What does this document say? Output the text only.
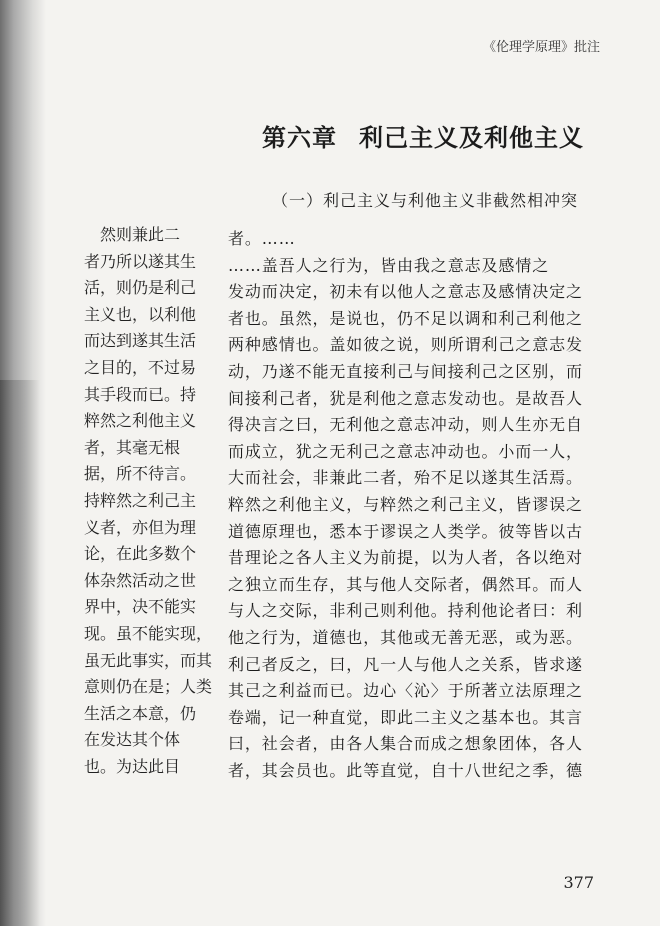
《伦理学原理》批注
第六章 利己主义及利他主义
（一）利己主义与利他主义非截然相冲突
者。……
……盖吾人之行为，皆由我之意志及感情之
发动而决定，初未有以他人之意志及感情决定之
者也。虽然，是说也，仍不足以调和利己利他之
两种感情也。盖如彼之说，则所谓利己之意志发
动，乃遂不能无直接利己与间接利己之区别，而
间接利己者，犹是利他之意志发动也。是故吾人
得决言之曰，无利他之意志冲动，则人生亦无自
而成立，犹之无利己之意志冲动也。小而一人，
大而社会，非兼此二者，殆不足以遂其生活焉。
粹然之利他主义，与粹然之利己主义，皆谬误之
道德原理也，悉本于谬误之人类学。彼等皆以古
昔理论之各人主义为前提，以为人者，各以绝对
之独立而生存，其与他人交际者，偶然耳。而人
与人之交际，非利己则利他。持利他论者曰：利
他之行为，道德也，其他或无善无恶，或为恶。
利己者反之，曰，凡一人与他人之关系，皆求遂
其己之利益而已。边心〈沁〉于所著立法原理之
卷端，记一种直觉，即此二主义之基本也。其言
曰，社会者，由各人集合而成之想象团体，各人
者，其会员也。此等直觉，自十八世纪之季，德
　然则兼此二
者乃所以遂其生
活，则仍是利己
主义也，以利他
而达到遂其生活
之目的，不过易
其手段而已。持
粹然之利他主义
者，其毫无根
据，所不待言。
持粹然之利己主
义者，亦但为理
论，在此多数个
体杂然活动之世
界中，决不能实
现。虽不能实现，
虽无此事实，而其
意则仍在是；人类
生活之本意，仍
在发达其个体
也。为达此目
377
